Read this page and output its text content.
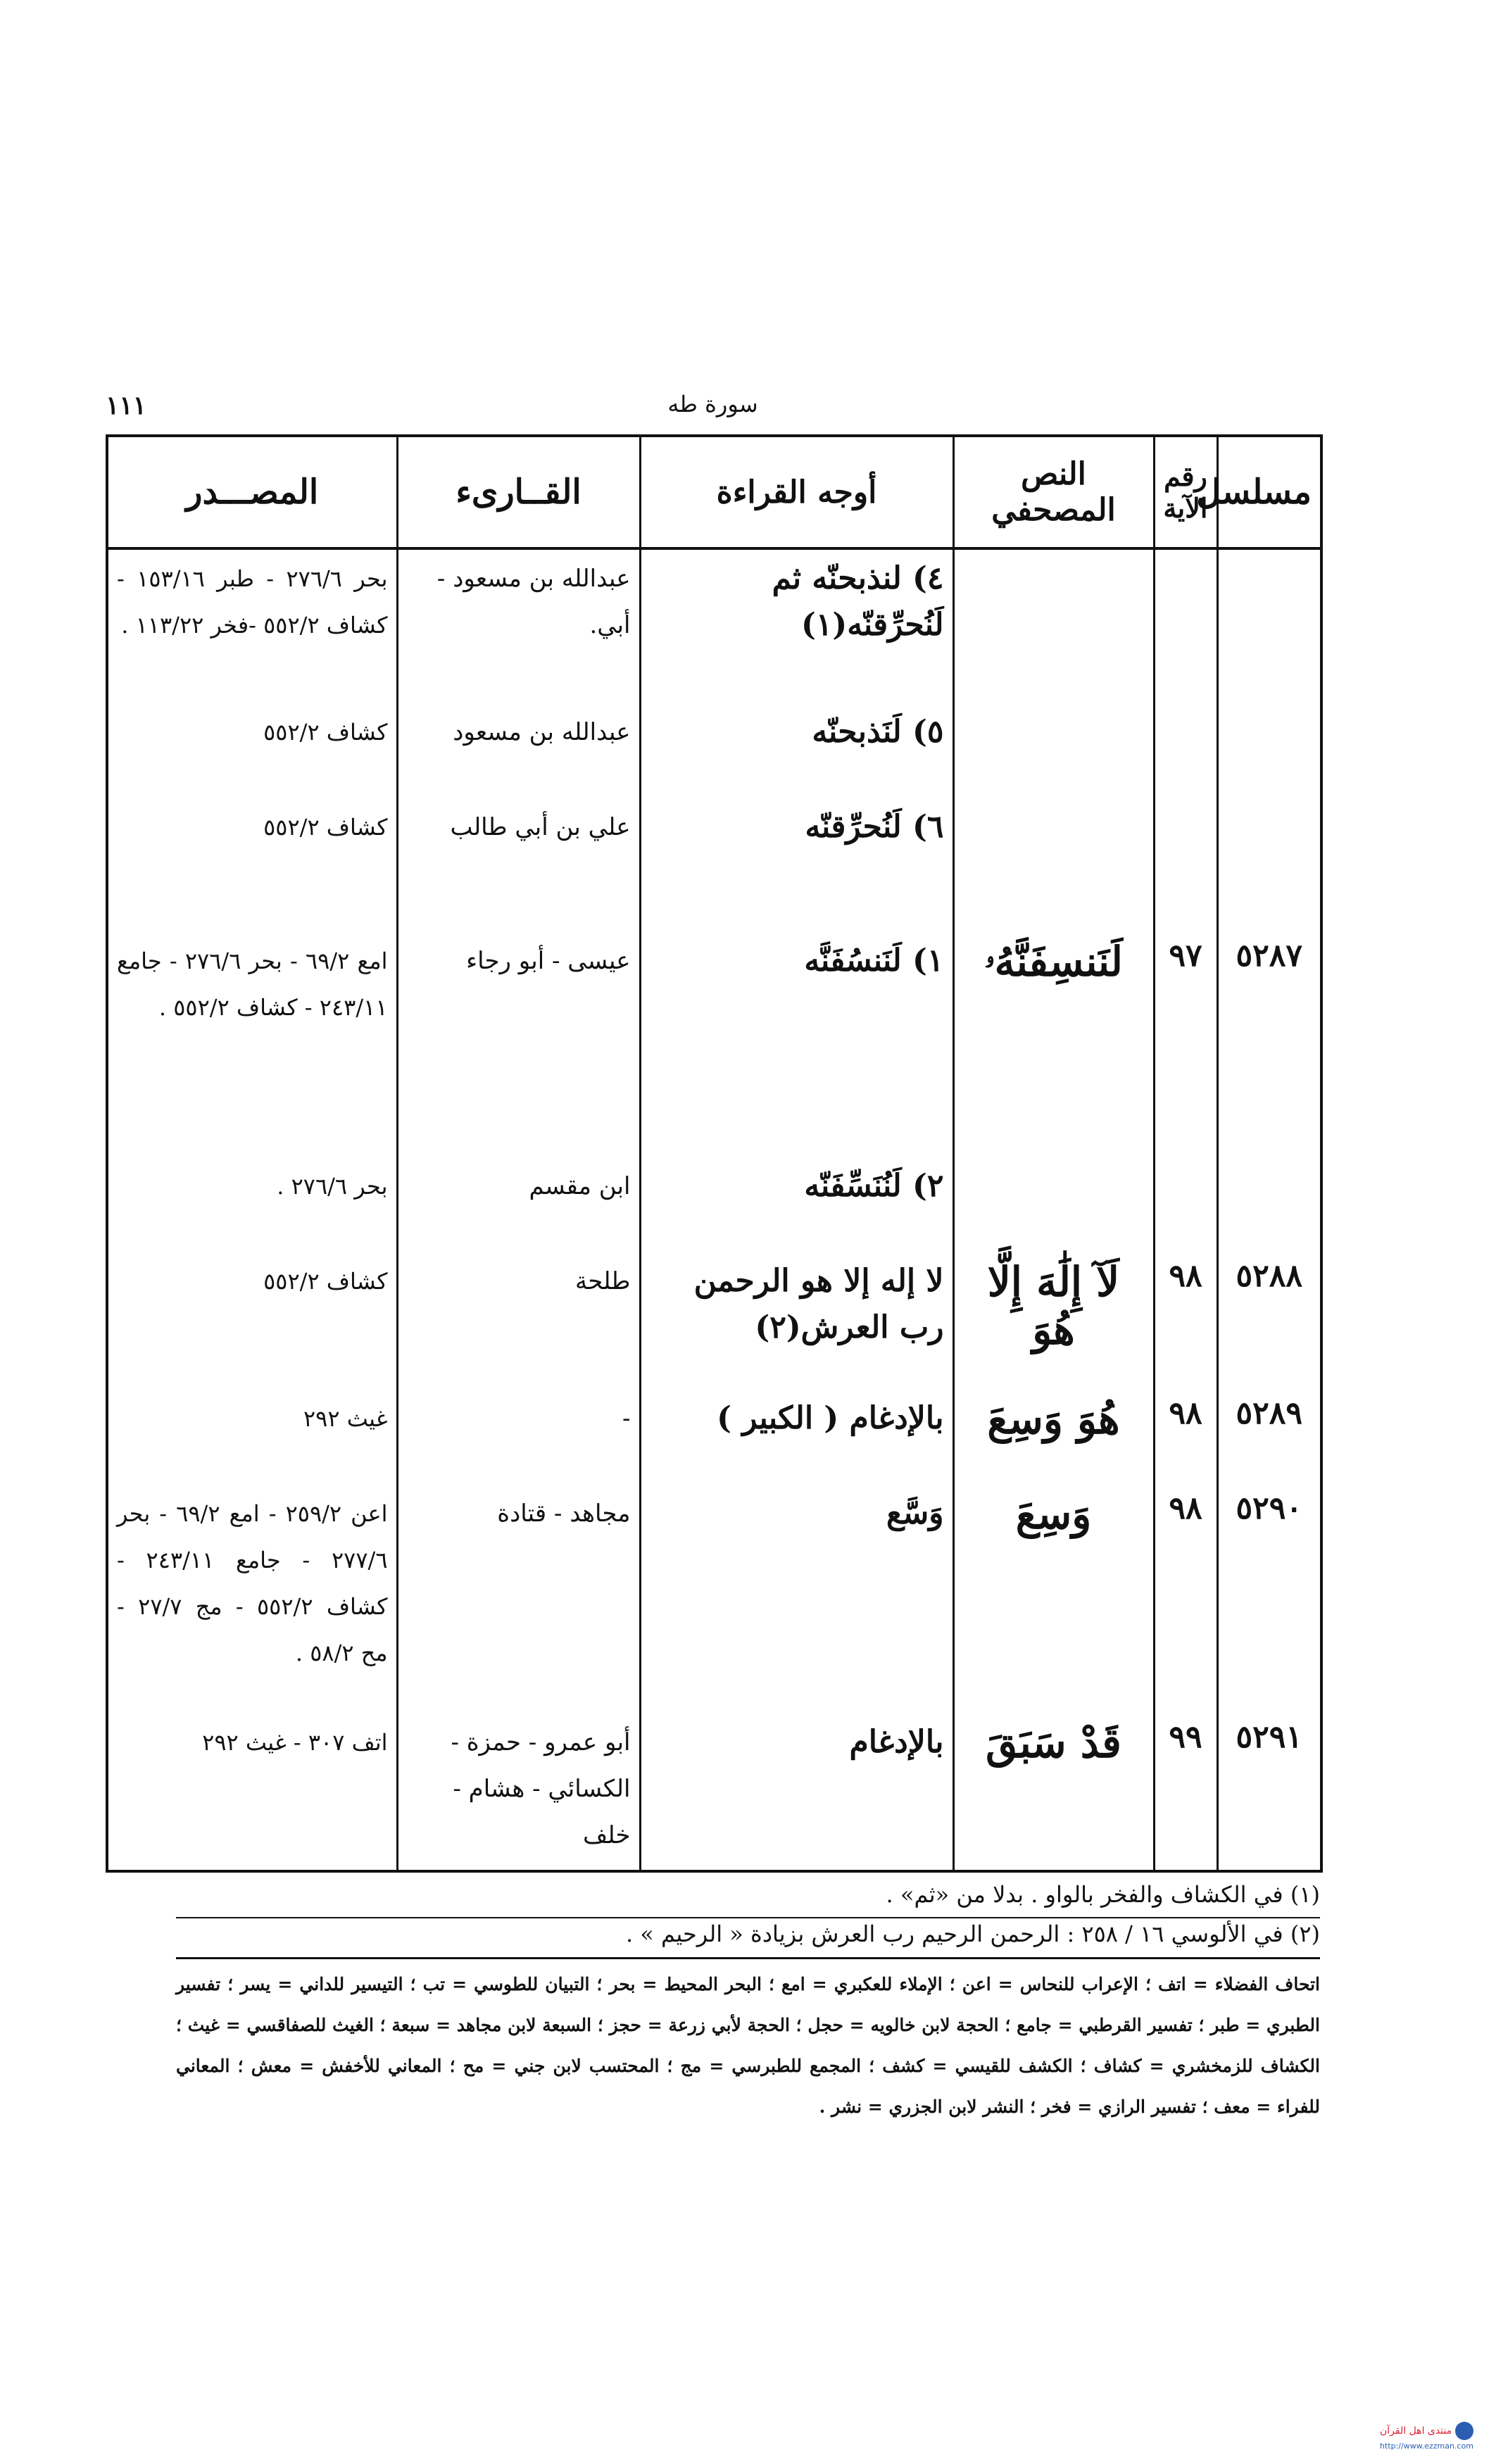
١١١	سورة طه
مسلسل	رقم الآية	النص المصحفي	أوجه القراءة	القــارىء	المصـــدر
			٤) لنذبحنّه ثم لَنُحرِّقنّه(١)	عبدالله بن مسعود - أبي.	بحر ٢٧٦/٦ - طبر ١٥٣/١٦ - كشاف ٥٥٢/٢ -فخر ١١٣/٢٢ .
			٥) لَنَذبحنّه	عبدالله بن مسعود	كشاف ٥٥٢/٢
			٦) لَنُحرِّقنّه	علي بن أبي طالب	كشاف ٥٥٢/٢
٥٢٨٧	٩٧	لَنَنسِفَنَّهُۥ	١) لَنَنسُفَنَّه	عيسى - أبو رجاء	امع ٦٩/٢ - بحر ٢٧٦/٦ - جامع ٢٤٣/١١ - كشاف ٥٥٢/٢ .
			٢) لَنُنَسِّفَنّه	ابن مقسم	بحر ٢٧٦/٦ .
٥٢٨٨	٩٨	لَآ إِلَٰهَ إِلَّا هُوَ	لا إله إلا هو الرحمن رب العرش(٢)	طلحة	كشاف ٥٥٢/٢
٥٢٨٩	٩٨	هُوَ وَسِعَ	بالإدغام ( الكبير )	-	غيث ٢٩٢
٥٢٩٠	٩٨	وَسِعَ	وَسَّع	مجاهد - قتادة	اعن ٢٥٩/٢ - امع ٦٩/٢ - بحر ٢٧٧/٦ - جامع ٢٤٣/١١ - كشاف ٥٥٢/٢ - مج ٢٧/٧ - مح ٥٨/٢ .
٥٢٩١	٩٩	قَدْ سَبَقَ	بالإدغام	أبو عمرو - حمزة - الكسائي - هشام - خلف	اتف ٣٠٧ - غيث ٢٩٢
(١) في الكشاف والفخر بالواو . بدلا من «ثم» .
(٢) في الألوسي ١٦ / ٢٥٨ : الرحمن الرحيم رب العرش بزيادة « الرحيم » .
اتحاف الفضلاء = اتف ؛ الإعراب للنحاس = اعن ؛ الإملاء للعكبري = امع ؛ البحر المحيط = بحر ؛ التبيان للطوسي = تب ؛ التيسير للداني = يسر ؛ تفسير الطبري = طبر ؛ تفسير القرطبي = جامع ؛ الحجة لابن خالويه = حجل ؛ الحجة لأبي زرعة = حجز ؛ السبعة لابن مجاهد = سبعة ؛ الغيث للصفاقسي = غيث ؛ الكشاف للزمخشري = كشاف ؛ الكشف للقيسي = كشف ؛ المجمع للطبرسي = مج ؛ المحتسب لابن جني = مح ؛ المعاني للأخفش = معش ؛ المعاني للفراء = معف ؛ تفسير الرازي = فخر ؛ النشر لابن الجزري = نشر .
منتدى اهل القرآن
http://www.ezzman.com
